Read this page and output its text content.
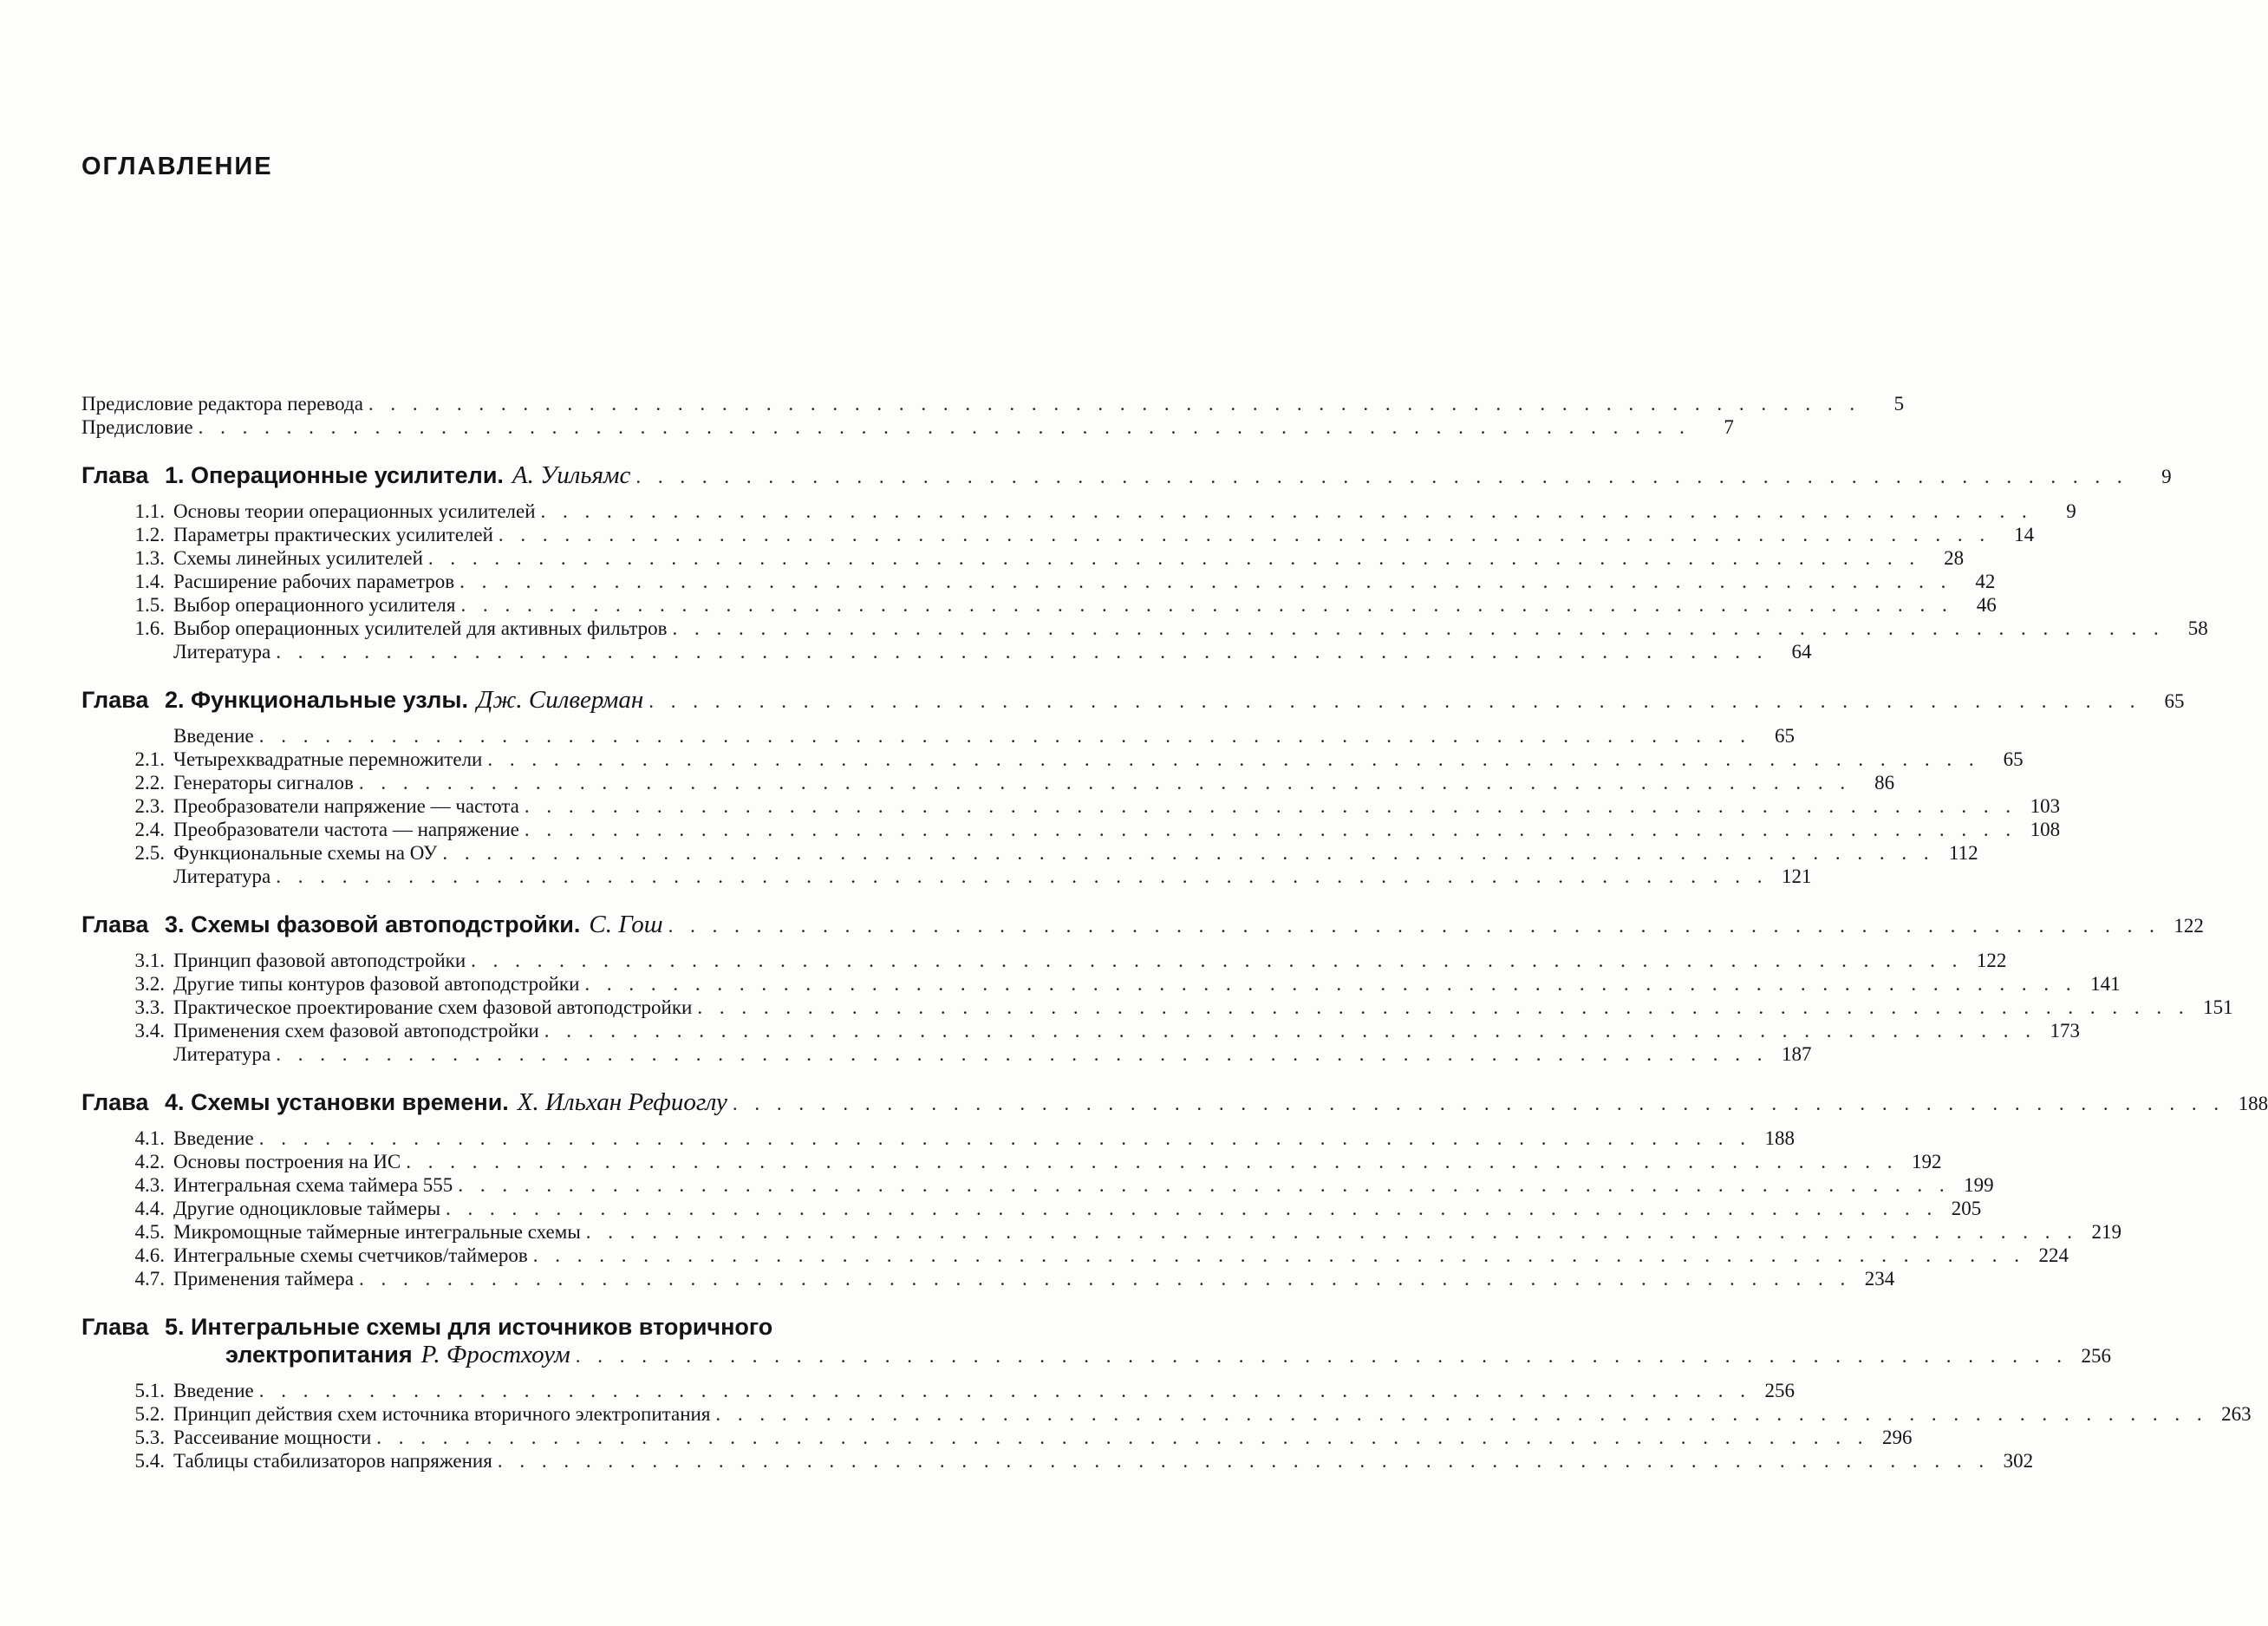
ОГЛАВЛЕНИЕ
Предисловие редактора перевода . . .	5
Предисловие . . .	7
Глава 1. Операционные усилители. А. Уильямс . . .	9
1.1. Основы теории операционных усилителей . . .	9
1.2. Параметры практических усилителей . . .	14
1.3. Схемы линейных усилителей . . .	28
1.4. Расширение рабочих параметров . . .	42
1.5. Выбор операционного усилителя . . .	46
1.6. Выбор операционных усилителей для активных фильтров . . .	58
Литература . . .	64
Глава 2. Функциональные узлы. Дж. Силверман . . .	65
Введение . . .	65
2.1. Четырехквадратные перемножители . . .	65
2.2. Генераторы сигналов . . .	86
2.3. Преобразователи напряжение — частота . . .	103
2.4. Преобразователи частота — напряжение . . .	108
2.5. Функциональные схемы на ОУ . . .	112
Литература . . .	121
Глава 3. Схемы фазовой автоподстройки. С. Гош . . .	122
3.1. Принцип фазовой автоподстройки . . .	122
3.2. Другие типы контуров фазовой автоподстройки . . .	141
3.3. Практическое проектирование схем фазовой автоподстройки . . .	151
3.4. Применения схем фазовой автоподстройки . . .	173
Литература . . .	187
Глава 4. Схемы установки времени. Х. Ильхан Рефиоглу . . .	188
4.1. Введение . . .	188
4.2. Основы построения на ИС . . .	192
4.3. Интегральная схема таймера 555 . . .	199
4.4. Другие одноцикловые таймеры . . .	205
4.5. Микромощные таймерные интегральные схемы . . .	219
4.6. Интегральные схемы счетчиков/таймеров . . .	224
4.7. Применения таймера . . .	234
Глава 5. Интегральные схемы для источников вторичного
электропитания Р. Фростхоум . . .	256
5.1. Введение . . .	256
5.2. Принцип действия схем источника вторичного электропитания . . .	263
5.3. Рассеивание мощности . . .	296
5.4. Таблицы стабилизаторов напряжения . . .	302
